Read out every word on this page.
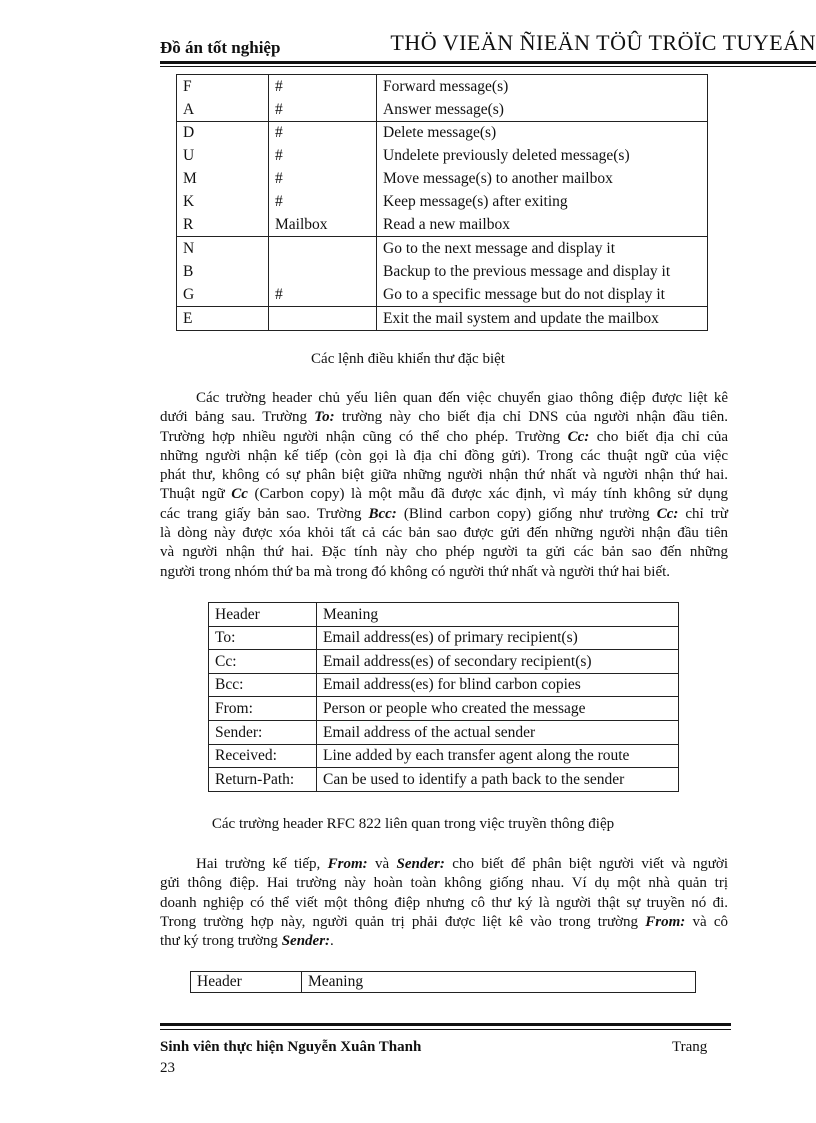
Đồ án tốt nghiệp	THÖ VIEÄN ÑIEÄN TÖÛ TRÖÏC TUYEÁN
F	#	Forward message(s)
A	#	Answer message(s)
D	#	Delete message(s)
U	#	Undelete previously deleted message(s)
M	#	Move message(s) to another mailbox
K	#	Keep message(s) after exiting
R	Mailbox	Read a new mailbox
N		Go to the next message and display it
B		Backup to the previous message and display it
G	#	Go to a specific message but do not display it
E		Exit the mail system and update the mailbox
Các lệnh điều khiển thư đặc biệt
Các trường header chủ yếu liên quan đến việc chuyển giao thông điệp được liệt kê
dưới bảng sau. Trường To: trường này cho biết địa chỉ DNS của người nhận đầu tiên.
Trường hợp nhiều người nhận cũng có thể cho phép. Trường Cc: cho biết địa chỉ của
những người nhận kế tiếp (còn gọi là địa chỉ đồng gửi). Trong các thuật ngữ của việc
phát thư, không có sự phân biệt giữa những người nhận thứ nhất và người nhận thứ hai.
Thuật ngữ Cc (Carbon copy) là một mẫu đã được xác định, vì máy tính không sử dụng
các trang giấy bản sao. Trường Bcc: (Blind carbon copy) giống như trường Cc: chỉ trừ
là dòng này được xóa khỏi tất cả các bản sao được gửi đến những người nhận đầu tiên
và người nhận thứ hai. Đặc tính này cho phép người ta gửi các bản sao đến những
người trong nhóm thứ ba mà trong đó không có người thứ nhất và người thứ hai biết.
Header	Meaning
To:	Email address(es) of primary recipient(s)
Cc:	Email address(es) of secondary recipient(s)
Bcc:	Email address(es) for blind carbon copies
From:	Person or people who created the message
Sender:	Email address of the actual sender
Received:	Line added by each transfer agent along the route
Return-Path:	Can be used to identify a path back to the sender
Các trường header RFC 822 liên quan trong việc truyền thông điệp
Hai trường kế tiếp, From: và Sender: cho biết để phân biệt người viết và người
gửi thông điệp. Hai trường này hoàn toàn không giống nhau. Ví dụ một nhà quản trị
doanh nghiệp có thể viết một thông điệp nhưng cô thư ký là người thật sự truyền nó đi.
Trong trường hợp này, người quản trị phải được liệt kê vào trong trường From: và cô
thư ký trong trường Sender:.
Header	Meaning
Sinh viên thực hiện Nguyễn Xuân Thanh	Trang
23
